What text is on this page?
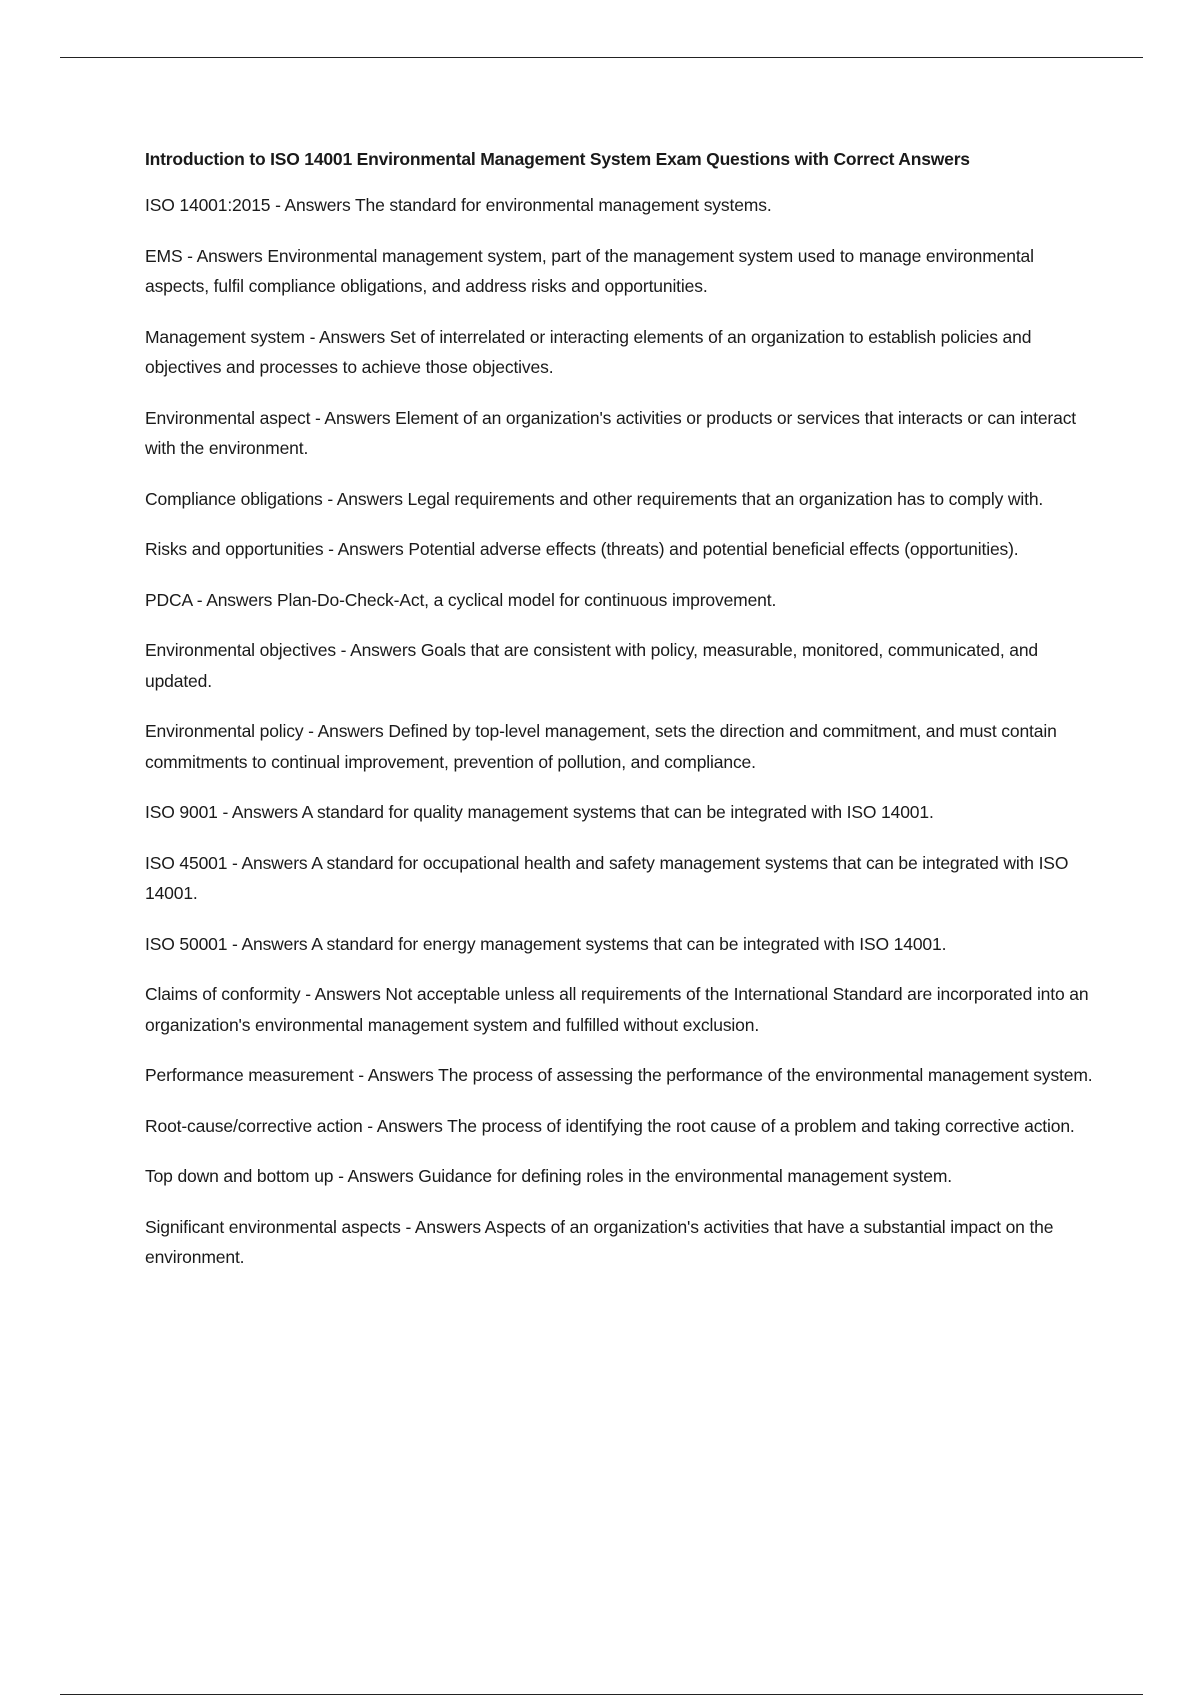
Introduction to ISO 14001 Environmental Management System Exam Questions with Correct Answers

ISO 14001:2015 - Answers The standard for environmental management systems.

EMS - Answers Environmental management system, part of the management system used to manage environmental aspects, fulfil compliance obligations, and address risks and opportunities.

Management system - Answers Set of interrelated or interacting elements of an organization to establish policies and objectives and processes to achieve those objectives.

Environmental aspect - Answers Element of an organization's activities or products or services that interacts or can interact with the environment.

Compliance obligations - Answers Legal requirements and other requirements that an organization has to comply with.

Risks and opportunities - Answers Potential adverse effects (threats) and potential beneficial effects (opportunities).

PDCA - Answers Plan-Do-Check-Act, a cyclical model for continuous improvement.

Environmental objectives - Answers Goals that are consistent with policy, measurable, monitored, communicated, and updated.

Environmental policy - Answers Defined by top-level management, sets the direction and commitment, and must contain commitments to continual improvement, prevention of pollution, and compliance.

ISO 9001 - Answers A standard for quality management systems that can be integrated with ISO 14001.

ISO 45001 - Answers A standard for occupational health and safety management systems that can be integrated with ISO 14001.

ISO 50001 - Answers A standard for energy management systems that can be integrated with ISO 14001.

Claims of conformity - Answers Not acceptable unless all requirements of the International Standard are incorporated into an organization's environmental management system and fulfilled without exclusion.

Performance measurement - Answers The process of assessing the performance of the environmental management system.

Root-cause/corrective action - Answers The process of identifying the root cause of a problem and taking corrective action.

Top down and bottom up - Answers Guidance for defining roles in the environmental management system.

Significant environmental aspects - Answers Aspects of an organization's activities that have a substantial impact on the environment.
